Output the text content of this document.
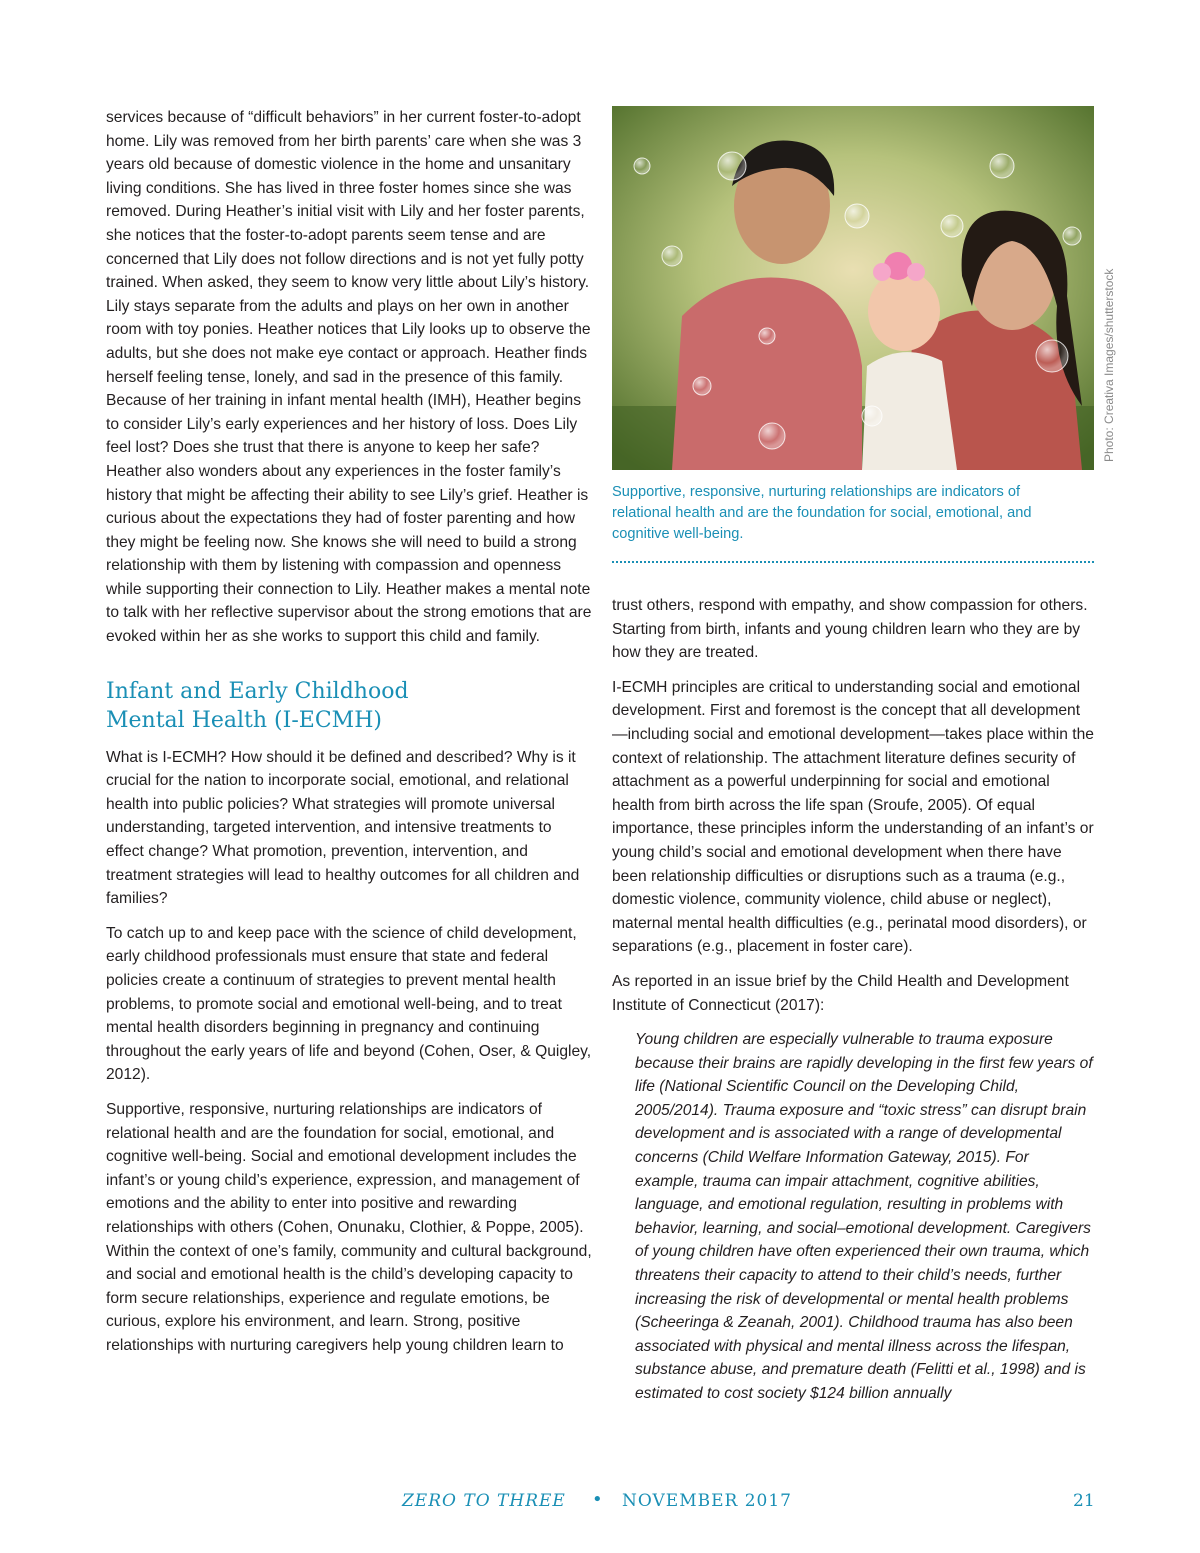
services because of “difficult behaviors” in her current foster-to-adopt home. Lily was removed from her birth parents’ care when she was 3 years old because of domestic violence in the home and unsanitary living conditions. She has lived in three foster homes since she was removed. During Heather’s initial visit with Lily and her foster parents, she notices that the foster-to-adopt parents seem tense and are concerned that Lily does not follow directions and is not yet fully potty trained. When asked, they seem to know very little about Lily’s history. Lily stays separate from the adults and plays on her own in another room with toy ponies. Heather notices that Lily looks up to observe the adults, but she does not make eye contact or approach. Heather finds herself feeling tense, lonely, and sad in the presence of this family. Because of her training in infant mental health (IMH), Heather begins to consider Lily’s early experiences and her history of loss. Does Lily feel lost? Does she trust that there is anyone to keep her safe? Heather also wonders about any experiences in the foster family’s history that might be affecting their ability to see Lily’s grief. Heather is curious about the expectations they had of foster parenting and how they might be feeling now. She knows she will need to build a strong relationship with them by listening with compassion and openness while supporting their connection to Lily. Heather makes a mental note to talk with her reflective supervisor about the strong emotions that are evoked within her as she works to support this child and family.

Infant and Early Childhood
Mental Health (I-ECMH)

What is I-ECMH? How should it be defined and described? Why is it crucial for the nation to incorporate social, emotional, and relational health into public policies? What strategies will promote universal understanding, targeted intervention, and intensive treatments to effect change? What promotion, prevention, intervention, and treatment strategies will lead to healthy outcomes for all children and families?

To catch up to and keep pace with the science of child development, early childhood professionals must ensure that state and federal policies create a continuum of strategies to prevent mental health problems, to promote social and emotional well-being, and to treat mental health disorders beginning in pregnancy and continuing throughout the early years of life and beyond (Cohen, Oser, & Quigley, 2012).

Supportive, responsive, nurturing relationships are indicators of relational health and are the foundation for social, emotional, and cognitive well-being. Social and emotional development includes the infant’s or young child’s experience, expression, and management of emotions and the ability to enter into positive and rewarding relationships with others (Cohen, Onunaku, Clothier, & Poppe, 2005). Within the context of one’s family, community and cultural background, and social and emotional health is the child’s developing capacity to form secure relationships, experience and regulate emotions, be curious, explore his environment, and learn. Strong, positive relationships with nurturing caregivers help young children learn to

Photo: Creativa Images/shutterstock
Supportive, responsive, nurturing relationships are indicators of relational health and are the foundation for social, emotional, and cognitive well-being.

trust others, respond with empathy, and show compassion for others. Starting from birth, infants and young children learn who they are by how they are treated.

I-ECMH principles are critical to understanding social and emotional development. First and foremost is the concept that all development—including social and emotional development—takes place within the context of relationship. The attachment literature defines security of attachment as a powerful underpinning for social and emotional health from birth across the life span (Sroufe, 2005). Of equal importance, these principles inform the understanding of an infant’s or young child’s social and emotional development when there have been relationship difficulties or disruptions such as a trauma (e.g., domestic violence, community violence, child abuse or neglect), maternal mental health difficulties (e.g., perinatal mood disorders), or separations (e.g., placement in foster care).

As reported in an issue brief by the Child Health and Development Institute of Connecticut (2017):

Young children are especially vulnerable to trauma exposure because their brains are rapidly developing in the first few years of life (National Scientific Council on the Developing Child, 2005/2014). Trauma exposure and “toxic stress” can disrupt brain development and is associated with a range of developmental concerns (Child Welfare Information Gateway, 2015). For example, trauma can impair attachment, cognitive abilities, language, and emotional regulation, resulting in problems with behavior, learning, and social–emotional development. Caregivers of young children have often experienced their own trauma, which threatens their capacity to attend to their child’s needs, further increasing the risk of developmental or mental health problems (Scheeringa & Zeanah, 2001). Childhood trauma has also been associated with physical and mental illness across the lifespan, substance abuse, and premature death (Felitti et al., 1998) and is estimated to cost society $124 billion annually

ZERO TO THREE • NOVEMBER 2017	21
